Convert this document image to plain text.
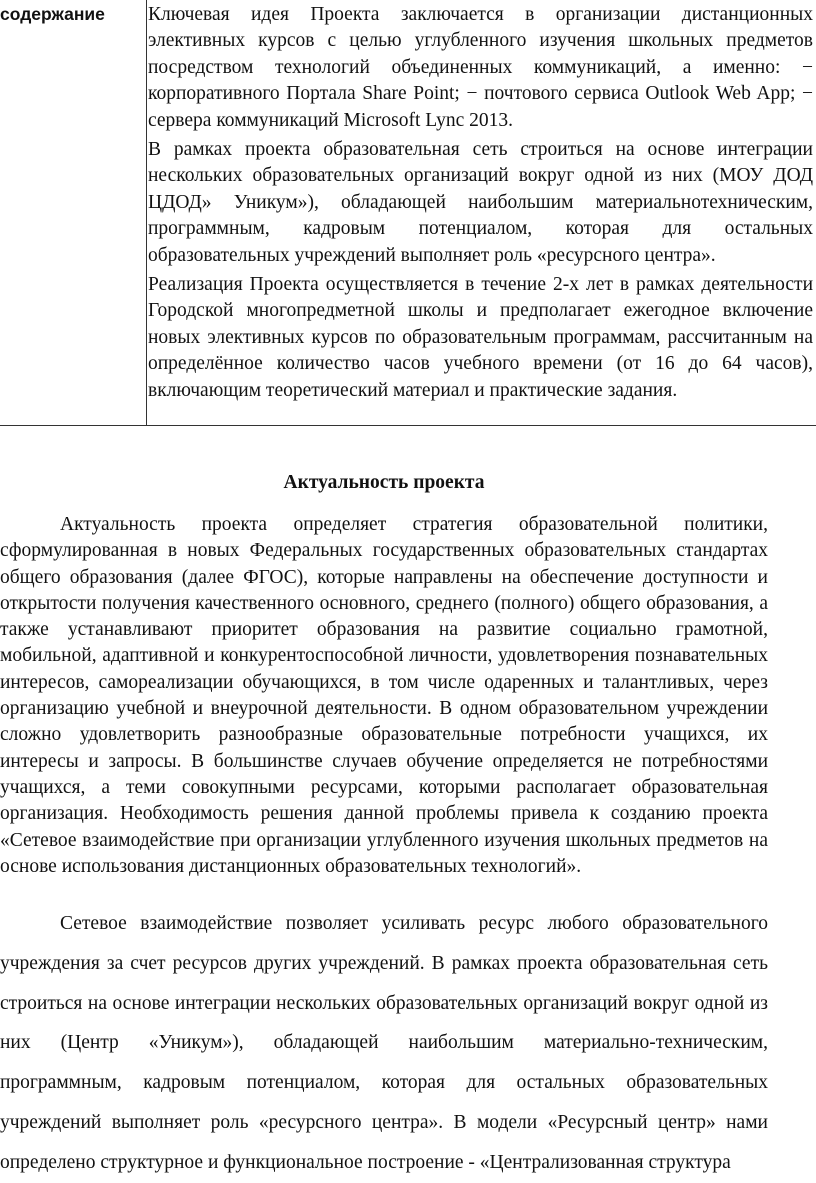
содержание Ключевая идея Проекта заключается в организации дистанционных элективных курсов с целью углубленного изучения школьных предметов посредством технологий объединенных коммуникаций, а именно: − корпоративного Портала Share Point; − почтового сервиса Outlook Web App; − сервера коммуникаций Microsoft Lync 2013.

В рамках проекта образовательная сеть строиться на основе интеграции нескольких образовательных организаций вокруг одной из них (МОУ ДОД ЦДОД» Уникум»), обладающей наибольшим материальнотехническим, программным, кадровым потенциалом, которая для остальных образовательных учреждений выполняет роль «ресурсного центра».

Реализация Проекта осуществляется в течение 2-х лет в рамках деятельности Городской многопредметной школы и предполагает ежегодное включение новых элективных курсов по образовательным программам, рассчитанным на определённое количество часов учебного времени (от 16 до 64 часов), включающим теоретический материал и практические задания.

Актуальность проекта

Актуальность проекта определяет стратегия образовательной политики, сформулированная в новых Федеральных государственных образовательных стандартах общего образования (далее ФГОС), которые направлены на обеспечение доступности и открытости получения качественного основного, среднего (полного) общего образования, а также устанавливают приоритет образования на развитие социально грамотной, мобильной, адаптивной и конкурентоспособной личности, удовлетворения познавательных интересов, самореализации обучающихся, в том числе одаренных и талантливых, через организацию учебной и внеурочной деятельности. В одном образовательном учреждении сложно удовлетворить разнообразные образовательные потребности учащихся, их интересы и запросы. В большинстве случаев обучение определяется не потребностями учащихся, а теми совокупными ресурсами, которыми располагает образовательная организация. Необходимость решения данной проблемы привела к созданию проекта «Сетевое взаимодействие при организации углубленного изучения школьных предметов на основе использования дистанционных образовательных технологий».

Сетевое взаимодействие позволяет усиливать ресурс любого образовательного учреждения за счет ресурсов других учреждений. В рамках проекта образовательная сеть строиться на основе интеграции нескольких образовательных организаций вокруг одной из них (Центр «Уникум»), обладающей наибольшим материально-техническим, программным, кадровым потенциалом, которая для остальных образовательных учреждений выполняет роль «ресурсного центра». В модели «Ресурсный центр» нами определено структурное и функциональное построение - «Централизованная структура
